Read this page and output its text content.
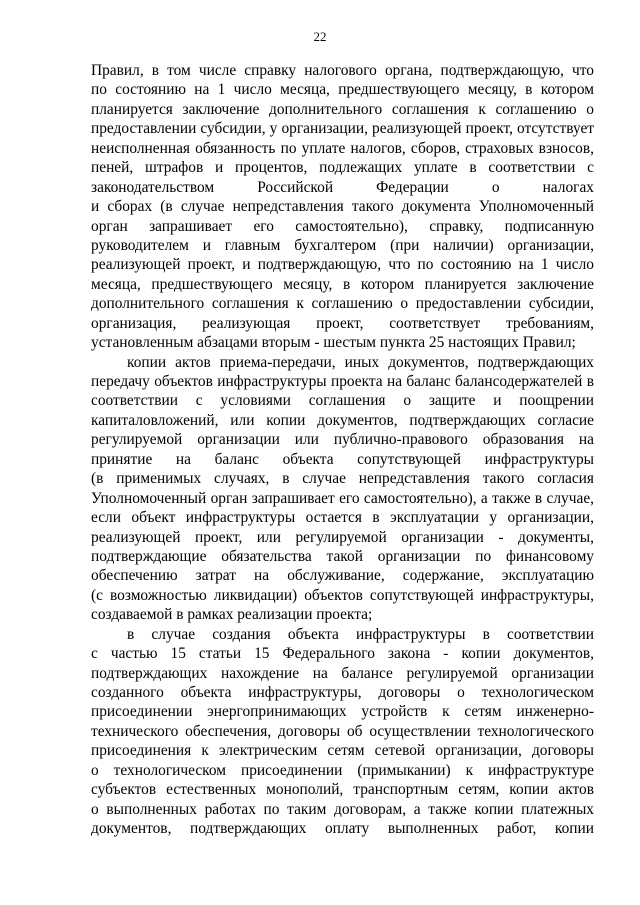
22
Правил, в том числе справку налогового органа, подтверждающую, что
по состоянию на 1 число месяца, предшествующего месяцу, в котором
планируется заключение дополнительного соглашения к соглашению о
предоставлении субсидии, у организации, реализующей проект, отсутствует
неисполненная обязанность по уплате налогов, сборов, страховых взносов,
пеней, штрафов и процентов, подлежащих уплате в соответствии с
законодательством Российской Федерации о налогах
и сборах (в случае непредставления такого документа Уполномоченный
орган запрашивает его самостоятельно), справку, подписанную
руководителем и главным бухгалтером (при наличии) организации,
реализующей проект, и подтверждающую, что по состоянию на 1 число
месяца, предшествующего месяцу, в котором планируется заключение
дополнительного соглашения к соглашению о предоставлении субсидии,
организация, реализующая проект, соответствует требованиям,
установленным абзацами вторым - шестым пункта 25 настоящих Правил;
копии актов приема-передачи, иных документов, подтверждающих
передачу объектов инфраструктуры проекта на баланс балансодержателей в
соответствии с условиями соглашения о защите и поощрении
капиталовложений, или копии документов, подтверждающих согласие
регулируемой организации или публично-правового образования на
принятие на баланс объекта сопутствующей инфраструктуры
(в применимых случаях, в случае непредставления такого согласия
Уполномоченный орган запрашивает его самостоятельно), а также в случае,
если объект инфраструктуры остается в эксплуатации у организации,
реализующей проект, или регулируемой организации - документы,
подтверждающие обязательства такой организации по финансовому
обеспечению затрат на обслуживание, содержание, эксплуатацию
(с возможностью ликвидации) объектов сопутствующей инфраструктуры,
создаваемой в рамках реализации проекта;
в случае создания объекта инфраструктуры в соответствии
с частью 15 статьи 15 Федерального закона - копии документов,
подтверждающих нахождение на балансе регулируемой организации
созданного объекта инфраструктуры, договоры о технологическом
присоединении энергопринимающих устройств к сетям инженерно-
технического обеспечения, договоры об осуществлении технологического
присоединения к электрическим сетям сетевой организации, договоры
о технологическом присоединении (примыкании) к инфраструктуре
субъектов естественных монополий, транспортным сетям, копии актов
о выполненных работах по таким договорам, а также копии платежных
документов, подтверждающих оплату выполненных работ, копии
